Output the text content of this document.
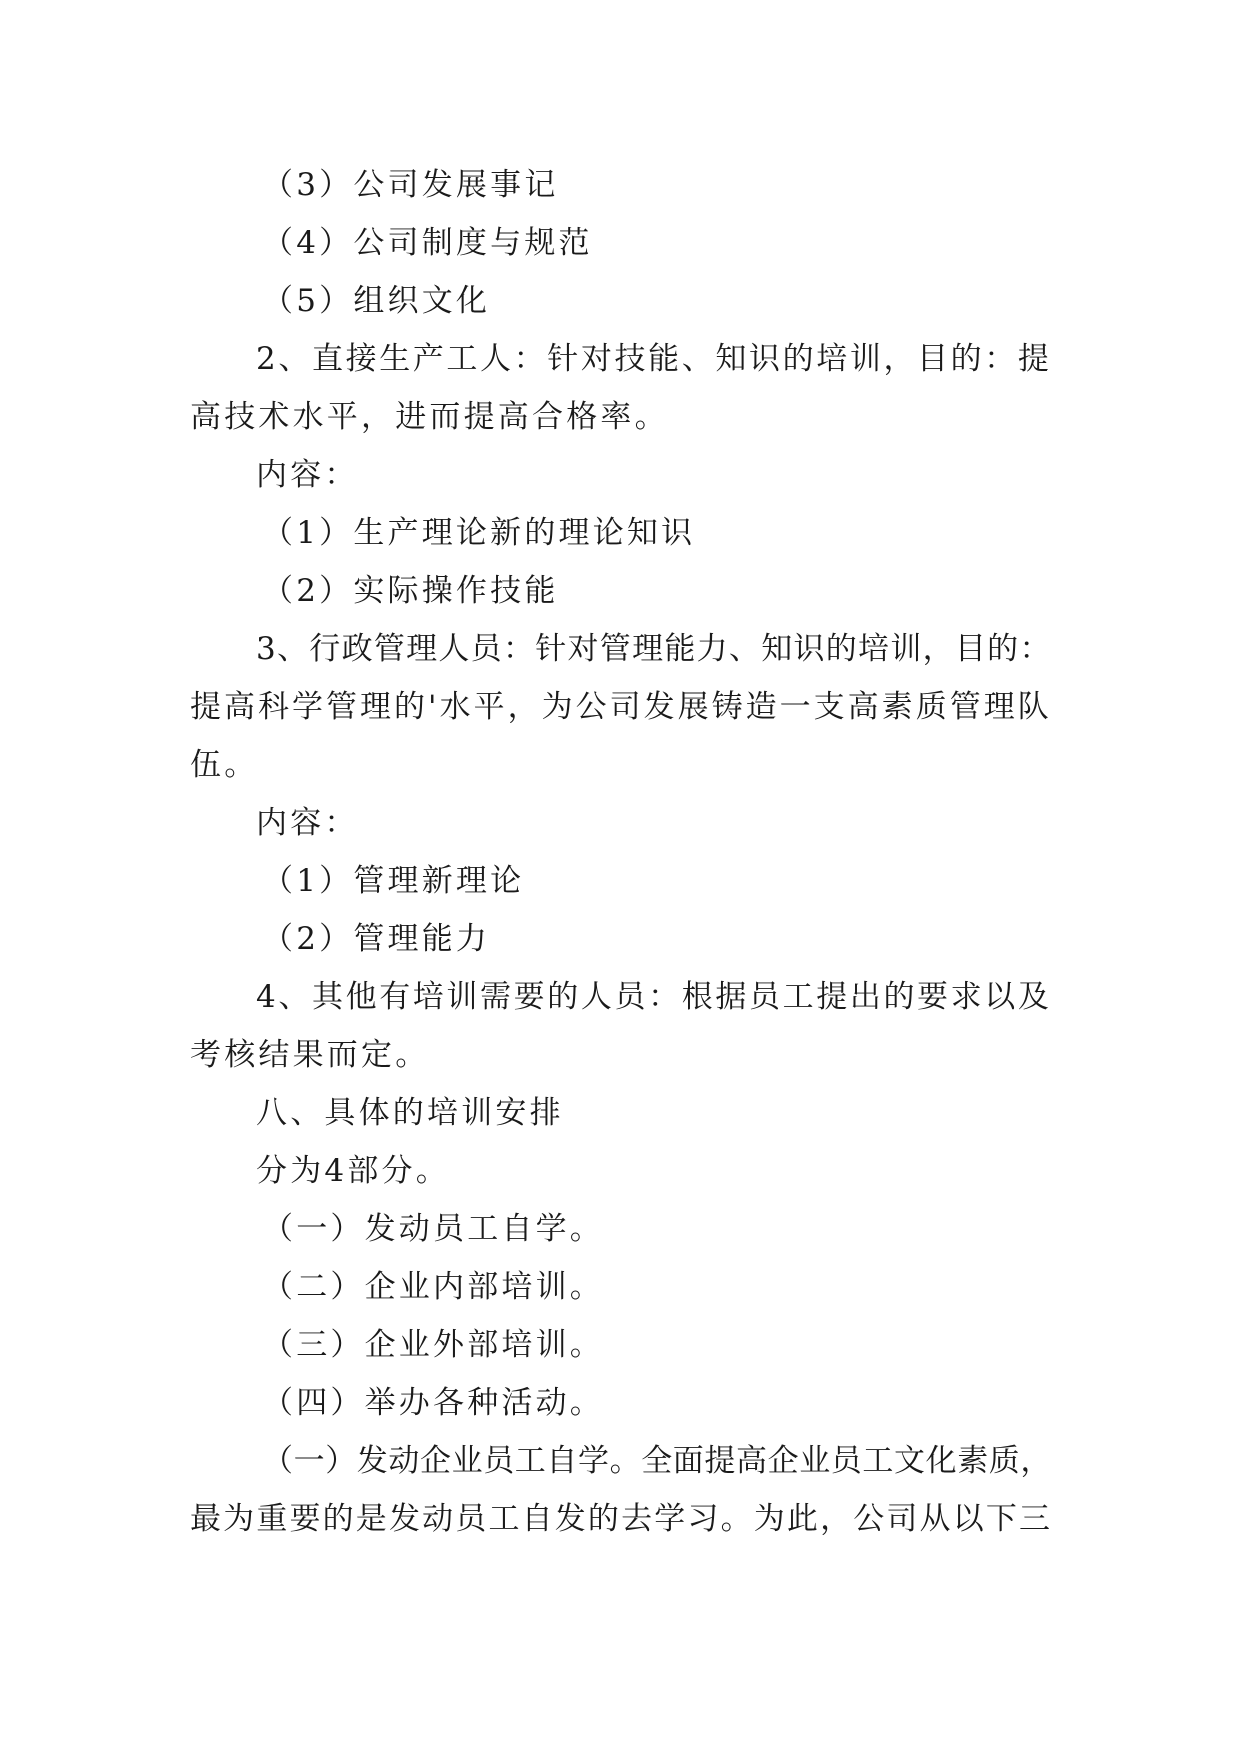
（3）公司发展事记
（4）公司制度与规范
（5）组织文化
2、直接生产工人：针对技能、知识的培训，目的：提
高技术水平，进而提高合格率。
内容：
（1）生产理论新的理论知识
（2）实际操作技能
3、行政管理人员：针对管理能力、知识的培训，目的：
提高科学管理的'水平，为公司发展铸造一支高素质管理队
伍。
内容：
（1）管理新理论
（2）管理能力
4、其他有培训需要的人员：根据员工提出的要求以及
考核结果而定。
八、具体的培训安排
分为4部分。
（一）发动员工自学。
（二）企业内部培训。
（三）企业外部培训。
（四）举办各种活动。
（一）发动企业员工自学。全面提高企业员工文化素质，
最为重要的是发动员工自发的去学习。为此，公司从以下三
